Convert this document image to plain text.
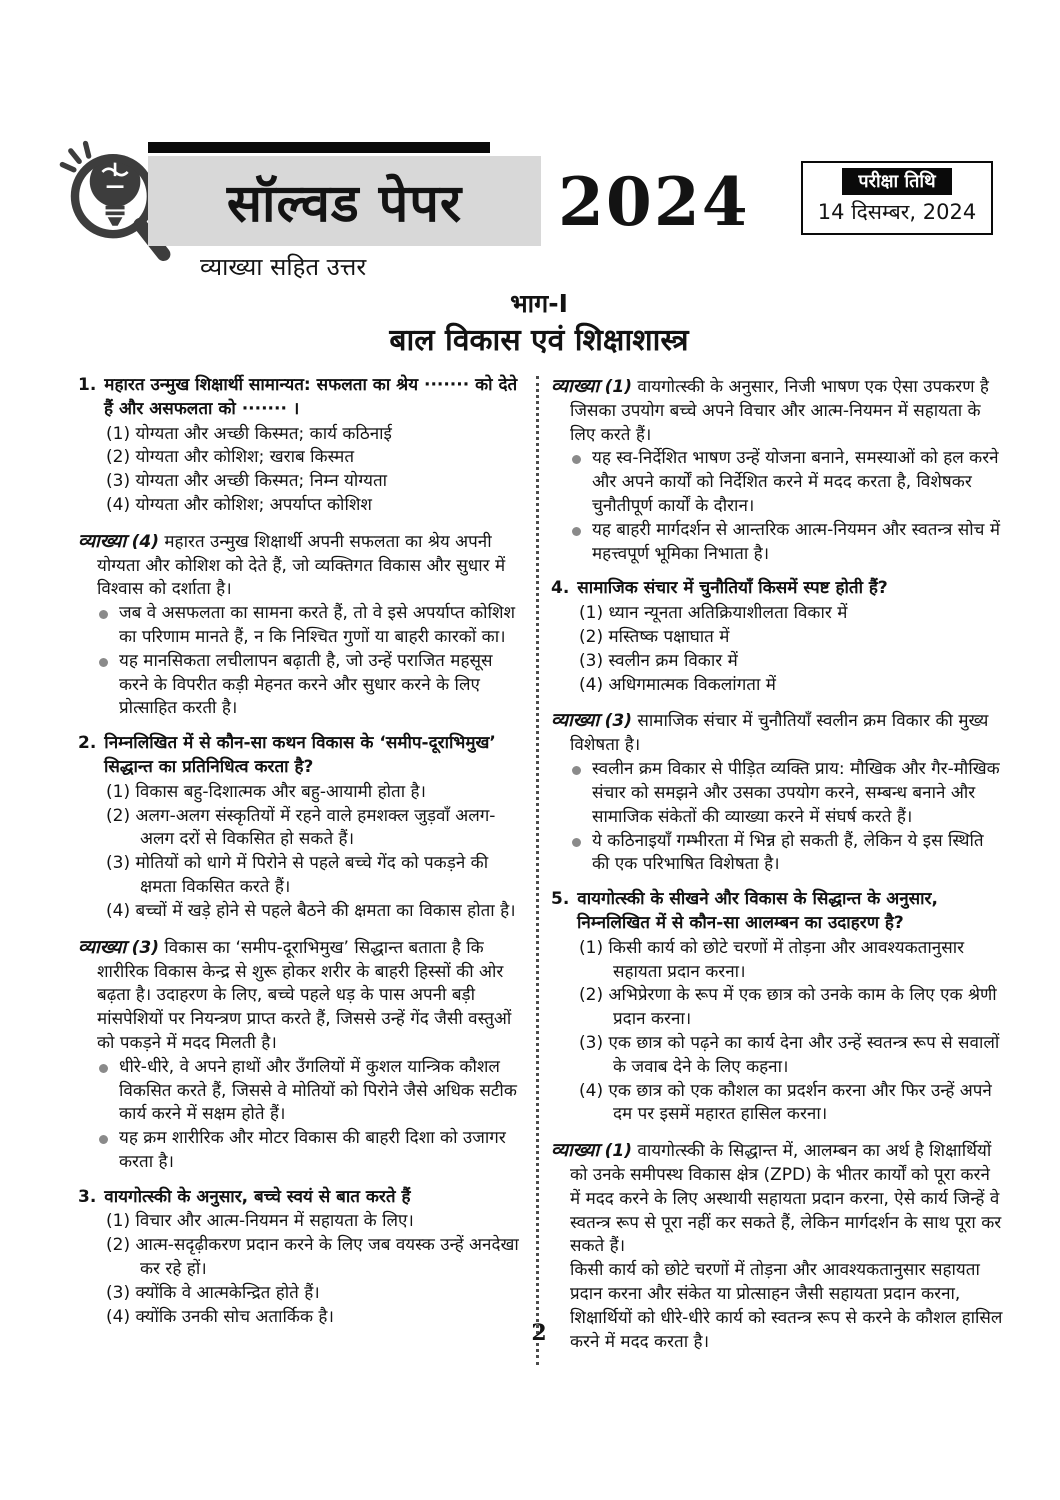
सॉल्वड पेपर 2024
व्याख्या सहित उत्तर
परीक्षा तिथि
14 दिसम्बर, 2024
भाग-I
बाल विकास एवं शिक्षाशास्त्र

1. महारत उन्मुख शिक्षार्थी सामान्यत: सफलता का श्रेय ······· को देते हैं और असफलता को ······· ।

(1) योग्यता और अच्छी किस्मत; कार्य कठिनाई
(2) योग्यता और कोशिश; खराब किस्मत
(3) योग्यता और अच्छी किस्मत; निम्न योग्यता
(4) योग्यता और कोशिश; अपर्याप्त कोशिश

व्याख्या (4) महारत उन्मुख शिक्षार्थी अपनी सफलता का श्रेय अपनी योग्यता और कोशिश को देते हैं, जो व्यक्तिगत विकास और सुधार में विश्वास को दर्शाता है।

जब वे असफलता का सामना करते हैं, तो वे इसे अपर्याप्त कोशिश का परिणाम मानते हैं, न कि निश्चित गुणों या बाहरी कारकों का।
यह मानसिकता लचीलापन बढ़ाती है, जो उन्हें पराजित महसूस करने के विपरीत कड़ी मेहनत करने और सुधार करने के लिए प्रोत्साहित करती है।

2. निम्नलिखित में से कौन-सा कथन विकास के ‘समीप-दूराभिमुख’ सिद्धान्त का प्रतिनिधित्व करता है?

(1) विकास बहु-दिशात्मक और बहु-आयामी होता है।
(2) अलग-अलग संस्कृतियों में रहने वाले हमशक्ल जुड़वाँ अलग-अलग दरों से विकसित हो सकते हैं।
(3) मोतियों को धागे में पिरोने से पहले बच्चे गेंद को पकड़ने की क्षमता विकसित करते हैं।
(4) बच्चों में खड़े होने से पहले बैठने की क्षमता का विकास होता है।

व्याख्या (3) विकास का ‘समीप-दूराभिमुख’ सिद्धान्त बताता है कि शारीरिक विकास केन्द्र से शुरू होकर शरीर के बाहरी हिस्सों की ओर बढ़ता है। उदाहरण के लिए, बच्चे पहले धड़ के पास अपनी बड़ी मांसपेशियों पर नियन्त्रण प्राप्त करते हैं, जिससे उन्हें गेंद जैसी वस्तुओं को पकड़ने में मदद मिलती है।

धीरे-धीरे, वे अपने हाथों और उँगलियों में कुशल यान्त्रिक कौशल विकसित करते हैं, जिससे वे मोतियों को पिरोने जैसे अधिक सटीक कार्य करने में सक्षम होते हैं।
यह क्रम शारीरिक और मोटर विकास की बाहरी दिशा को उजागर करता है।

3. वायगोत्स्की के अनुसार, बच्चे स्वयं से बात करते हैं

(1) विचार और आत्म-नियमन में सहायता के लिए।
(2) आत्म-सदृढ़ीकरण प्रदान करने के लिए जब वयस्क उन्हें अनदेखा कर रहे हों।
(3) क्योंकि वे आत्मकेन्द्रित होते हैं।
(4) क्योंकि उनकी सोच अतार्किक है।

व्याख्या (1) वायगोत्स्की के अनुसार, निजी भाषण एक ऐसा उपकरण है जिसका उपयोग बच्चे अपने विचार और आत्म-नियमन में सहायता के लिए करते हैं।

यह स्व-निर्देशित भाषण उन्हें योजना बनाने, समस्याओं को हल करने और अपने कार्यों को निर्देशित करने में मदद करता है, विशेषकर चुनौतीपूर्ण कार्यों के दौरान।
यह बाहरी मार्गदर्शन से आन्तरिक आत्म-नियमन और स्वतन्त्र सोच में महत्त्वपूर्ण भूमिका निभाता है।

4. सामाजिक संचार में चुनौतियाँ किसमें स्पष्ट होती हैं?

(1) ध्यान न्यूनता अतिक्रियाशीलता विकार में
(2) मस्तिष्क पक्षाघात में
(3) स्वलीन क्रम विकार में
(4) अधिगमात्मक विकलांगता में

व्याख्या (3) सामाजिक संचार में चुनौतियाँ स्वलीन क्रम विकार की मुख्य विशेषता है।

स्वलीन क्रम विकार से पीड़ित व्यक्ति प्राय: मौखिक और गैर-मौखिक संचार को समझने और उसका उपयोग करने, सम्बन्ध बनाने और सामाजिक संकेतों की व्याख्या करने में संघर्ष करते हैं।
ये कठिनाइयाँ गम्भीरता में भिन्न हो सकती हैं, लेकिन ये इस स्थिति की एक परिभाषित विशेषता है।

5. वायगोत्स्की के सीखने और विकास के सिद्धान्त के अनुसार, निम्नलिखित में से कौन-सा आलम्बन का उदाहरण है?

(1) किसी कार्य को छोटे चरणों में तोड़ना और आवश्यकतानुसार सहायता प्रदान करना।
(2) अभिप्रेरणा के रूप में एक छात्र को उनके काम के लिए एक श्रेणी प्रदान करना।
(3) एक छात्र को पढ़ने का कार्य देना और उन्हें स्वतन्त्र रूप से सवालों के जवाब देने के लिए कहना।
(4) एक छात्र को एक कौशल का प्रदर्शन करना और फिर उन्हें अपने दम पर इसमें महारत हासिल करना।

व्याख्या (1) वायगोत्स्की के सिद्धान्त में, आलम्बन का अर्थ है शिक्षार्थियों को उनके समीपस्थ विकास क्षेत्र (ZPD) के भीतर कार्यों को पूरा करने में मदद करने के लिए अस्थायी सहायता प्रदान करना, ऐसे कार्य जिन्हें वे स्वतन्त्र रूप से पूरा नहीं कर सकते हैं, लेकिन मार्गदर्शन के साथ पूरा कर सकते हैं।

किसी कार्य को छोटे चरणों में तोड़ना और आवश्यकतानुसार सहायता प्रदान करना और संकेत या प्रोत्साहन जैसी सहायता प्रदान करना, शिक्षार्थियों को धीरे-धीरे कार्य को स्वतन्त्र रूप से करने के कौशल हासिल करने में मदद करता है।

2
